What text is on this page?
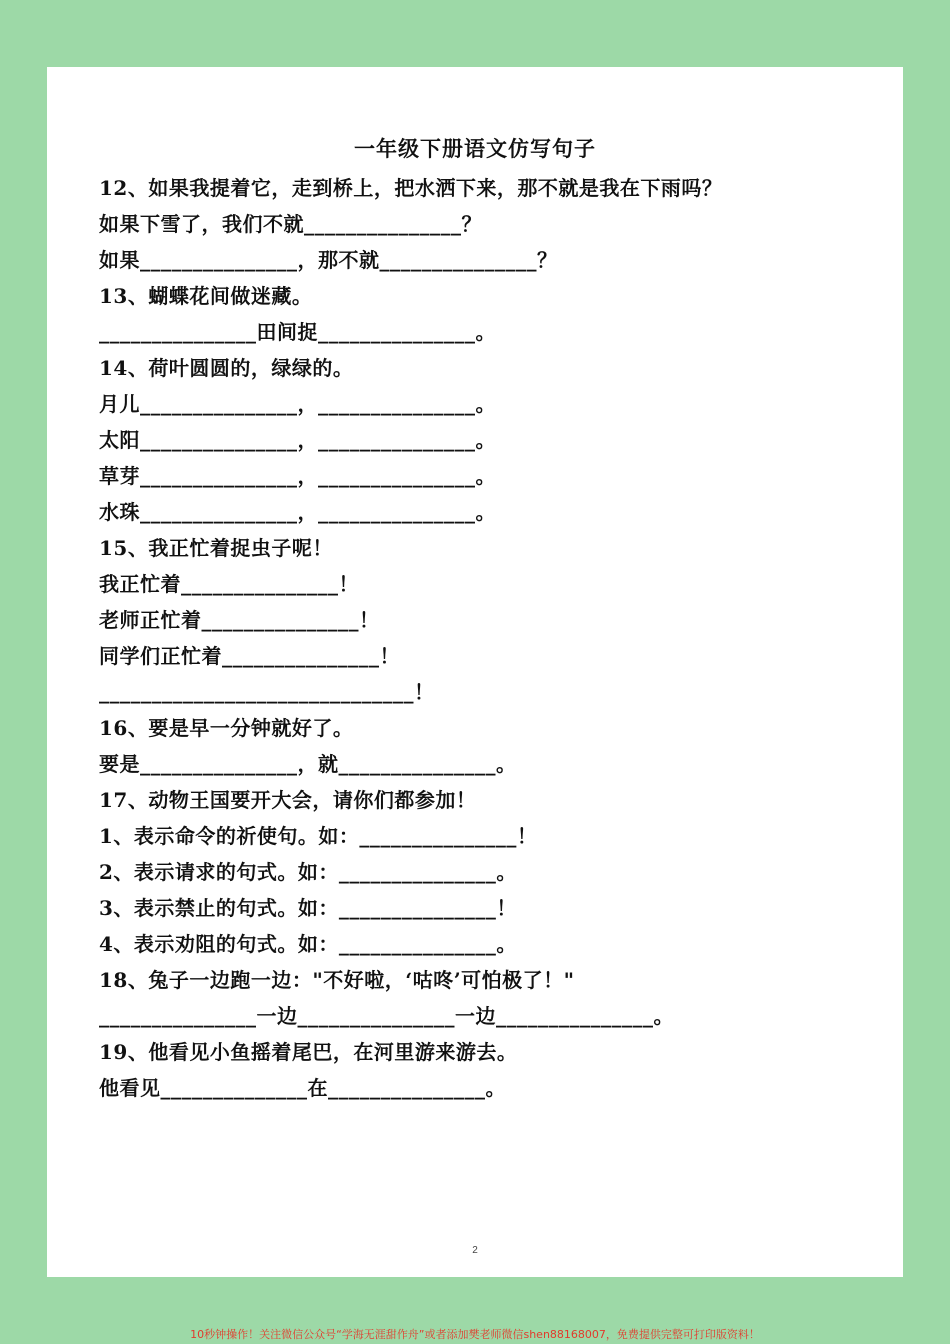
一年级下册语文仿写句子
12、如果我提着它，走到桥上，把水洒下来，那不就是我在下雨吗？
如果下雪了，我们不就_______________？
如果_______________，那不就_______________？
13、蝴蝶花间做迷藏。
_______________田间捉_______________。
14、荷叶圆圆的，绿绿的。
月儿_______________，_______________。
太阳_______________，_______________。
草芽_______________，_______________。
水珠_______________，_______________。
15、我正忙着捉虫子呢！
我正忙着_______________！
老师正忙着_______________！
同学们正忙着_______________！
______________________________！
16、要是早一分钟就好了。
要是_______________，就_______________。
17、动物王国要开大会，请你们都参加！
1、表示命令的祈使句。如：_______________！
2、表示请求的句式。如：_______________。
3、表示禁止的句式。如：_______________！
4、表示劝阻的句式。如：_______________。
18、兔子一边跑一边："不好啦，‘咕咚’可怕极了！"
_______________一边_______________一边_______________。
19、他看见小鱼摇着尾巴，在河里游来游去。
他看见______________在_______________。
2
10秒钟操作！关注微信公众号“学海无涯甜作舟”或者添加樊老师微信shen88168007，免费提供完整可打印版资料！
